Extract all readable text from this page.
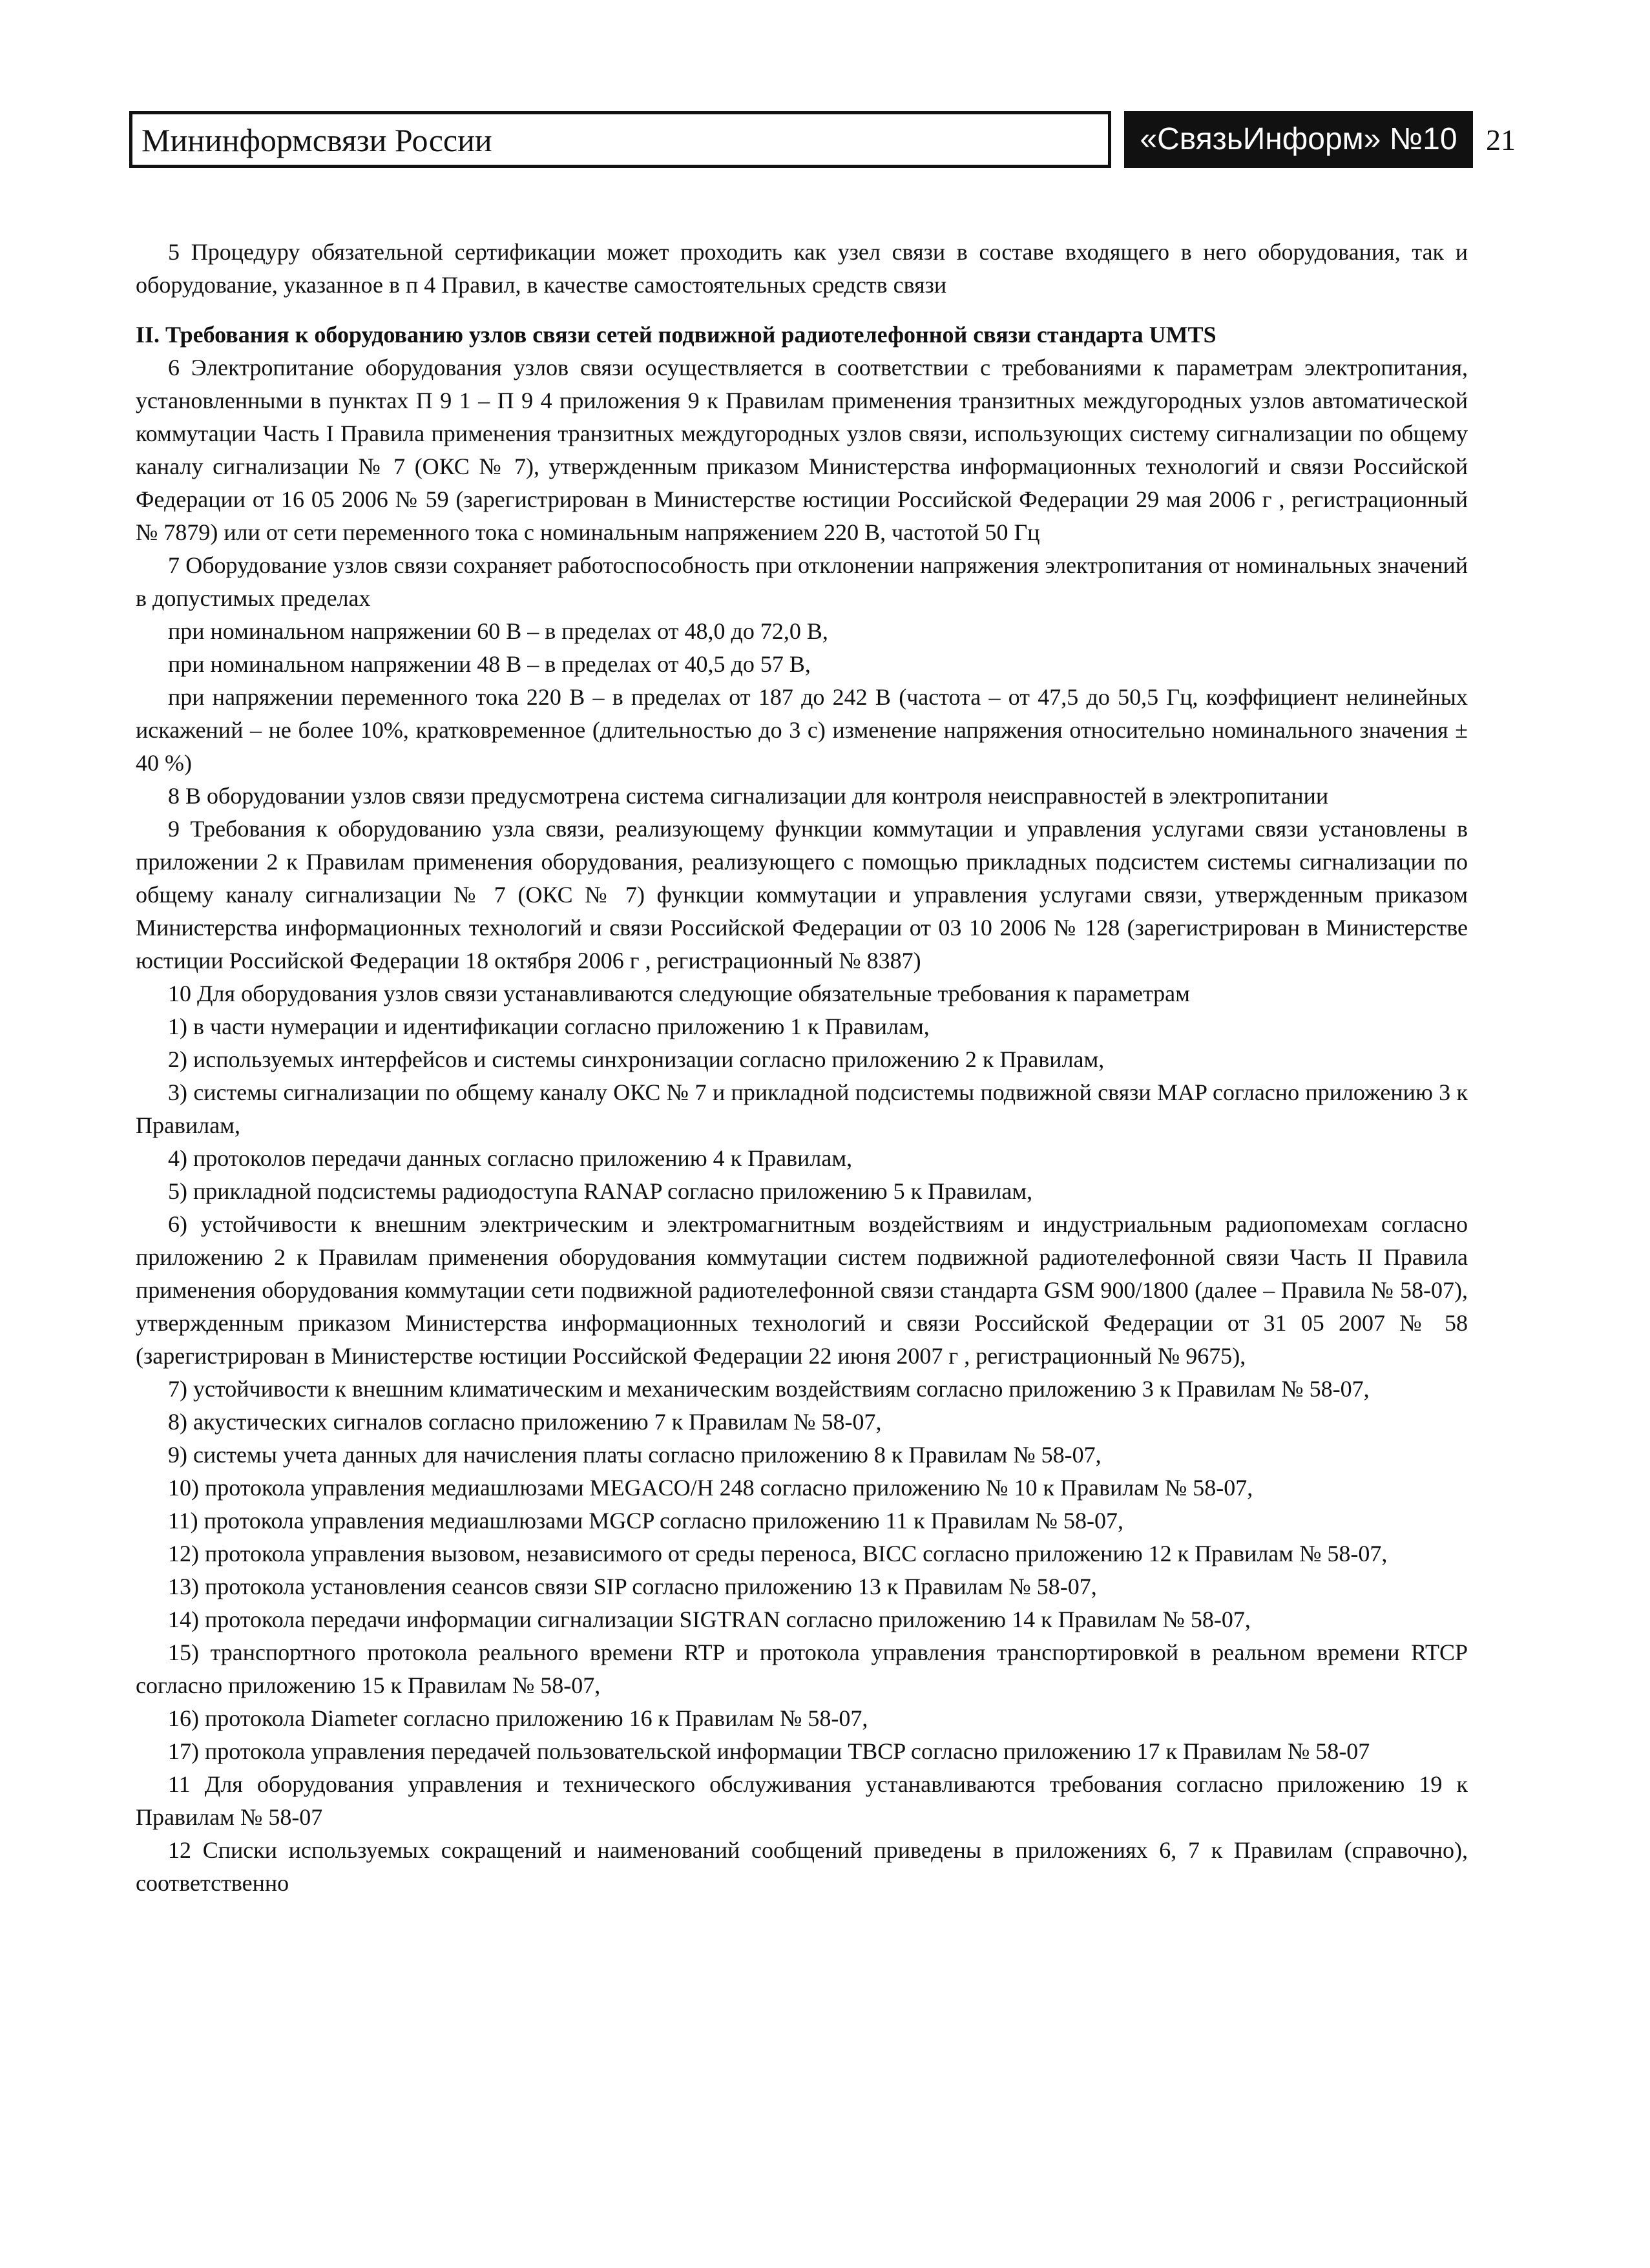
Мининформсвязи России	«СвязьИнформ» №10 21

5 Процедуру обязательной сертификации может проходить как узел связи в составе входящего в него оборудования, так и оборудование, указанное в п 4 Правил, в качестве самостоятельных средств связи

II. Требования к оборудованию узлов связи сетей подвижной радиотелефонной связи стандарта UMTS

6 Электропитание оборудования узлов связи осуществляется в соответствии с требованиями к параметрам электропитания, установленными в пунктах П 9 1 – П 9 4 приложения 9 к Правилам применения транзитных междугородных узлов автоматической коммутации Часть I Правила применения транзитных междугородных узлов связи, использующих систему сигнализации по общему каналу сигнализации № 7 (ОКС № 7), утвержденным приказом Министерства информационных технологий и связи Российской Федерации от 16 05 2006 № 59 (зарегистрирован в Министерстве юстиции Российской Федерации 29 мая 2006 г , регистрационный № 7879) или от сети переменного тока с номинальным напряжением 220 В, частотой 50 Гц

7 Оборудование узлов связи сохраняет работоспособность при отклонении напряжения электропитания от номинальных значений в допустимых пределах

при номинальном напряжении 60 В – в пределах от 48,0 до 72,0 В,

при номинальном напряжении 48 В – в пределах от 40,5 до 57 В,

при напряжении переменного тока 220 В – в пределах от 187 до 242 В (частота – от 47,5 до 50,5 Гц, коэффициент нелинейных искажений – не более 10%, кратковременное (длительностью до 3 с) изменение напряжения относительно номинального значения ± 40 %)

8 В оборудовании узлов связи предусмотрена система сигнализации для контроля неисправностей в электропитании

9 Требования к оборудованию узла связи, реализующему функции коммутации и управления услугами связи установлены в приложении 2 к Правилам применения оборудования, реализующего с помощью прикладных подсистем системы сигнализации по общему каналу сигнализации № 7 (ОКС № 7) функции коммутации и управления услугами связи, утвержденным приказом Министерства информационных технологий и связи Российской Федерации от 03 10 2006 № 128 (зарегистрирован в Министерстве юстиции Российской Федерации 18 октября 2006 г , регистрационный № 8387)

10 Для оборудования узлов связи устанавливаются следующие обязательные требования к параметрам

1) в части нумерации и идентификации согласно приложению 1 к Правилам,

2) используемых интерфейсов и системы синхронизации согласно приложению 2 к Правилам,

3) системы сигнализации по общему каналу ОКС № 7 и прикладной подсистемы подвижной связи MAP согласно приложению 3 к Правилам,

4) протоколов передачи данных согласно приложению 4 к Правилам,

5) прикладной подсистемы радиодоступа RANAP согласно приложению 5 к Правилам,

6) устойчивости к внешним электрическим и электромагнитным воздействиям и индустриальным радиопомехам согласно приложению 2 к Правилам применения оборудования коммутации систем подвижной радиотелефонной связи Часть II Правила применения оборудования коммутации сети подвижной радиотелефонной связи стандарта GSM 900/1800 (далее – Правила № 58-07), утвержденным приказом Министерства информационных технологий и связи Российской Федерации от 31 05 2007 № 58 (зарегистрирован в Министерстве юстиции Российской Федерации 22 июня 2007 г , регистрационный № 9675),

7) устойчивости к внешним климатическим и механическим воздействиям согласно приложению 3 к Правилам № 58-07,

8) акустических сигналов согласно приложению 7 к Правилам № 58-07,

9) системы учета данных для начисления платы согласно приложению 8 к Правилам № 58-07,

10) протокола управления медиашлюзами MEGACO/H 248 согласно приложению № 10 к Правилам № 58-07,

11) протокола управления медиашлюзами MGCP согласно приложению 11 к Правилам № 58-07,

12) протокола управления вызовом, независимого от среды переноса, BICC согласно приложению 12 к Правилам № 58-07,

13) протокола установления сеансов связи SIP согласно приложению 13 к Правилам № 58-07,

14) протокола передачи информации сигнализации SIGTRAN согласно приложению 14 к Правилам № 58-07,

15) транспортного протокола реального времени RTP и протокола управления транспортировкой в реальном времени RTCP согласно приложению 15 к Правилам № 58-07,

16) протокола Diameter согласно приложению 16 к Правилам № 58-07,

17) протокола управления передачей пользовательской информации TBCP согласно приложению 17 к Правилам № 58-07

11 Для оборудования управления и технического обслуживания устанавливаются требования согласно приложению 19 к Правилам № 58-07

12 Списки используемых сокращений и наименований сообщений приведены в приложениях 6, 7 к Правилам (справочно), соответственно
